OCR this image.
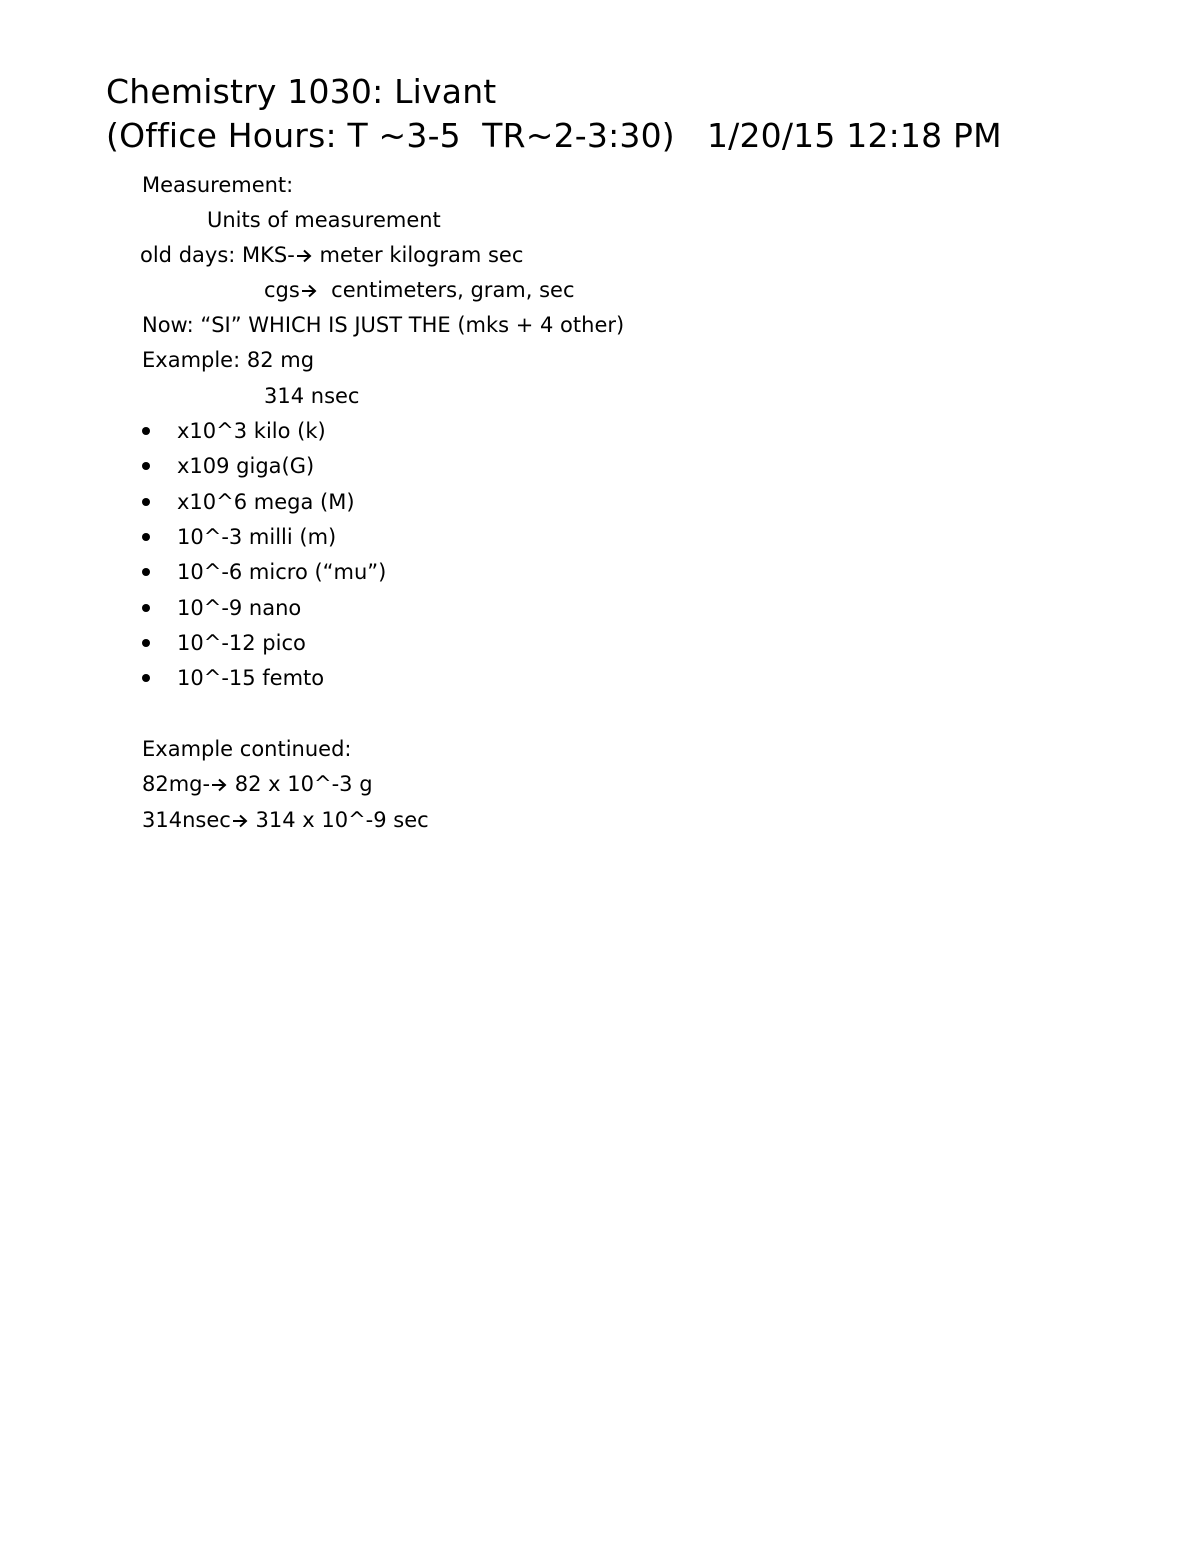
Chemistry 1030: Livant
(Office Hours: T ~3-5  TR~2-3:30)   1/20/15 12:18 PM
Measurement:
Units of measurement
old days: MKS- meter kilogram sec
cgs  centimeters, gram, sec
Now: “SI” WHICH IS JUST THE (mks + 4 other)
Example: 82 mg
314 nsec
x10^3 kilo (k)
x109 giga(G)
x10^6 mega (M)
10^-3 milli (m)
10^-6 micro (“mu”)
10^-9 nano
10^-12 pico
10^-15 femto
Example continued:
82mg- 82 x 10^-3 g
314nsec 314 x 10^-9 sec
